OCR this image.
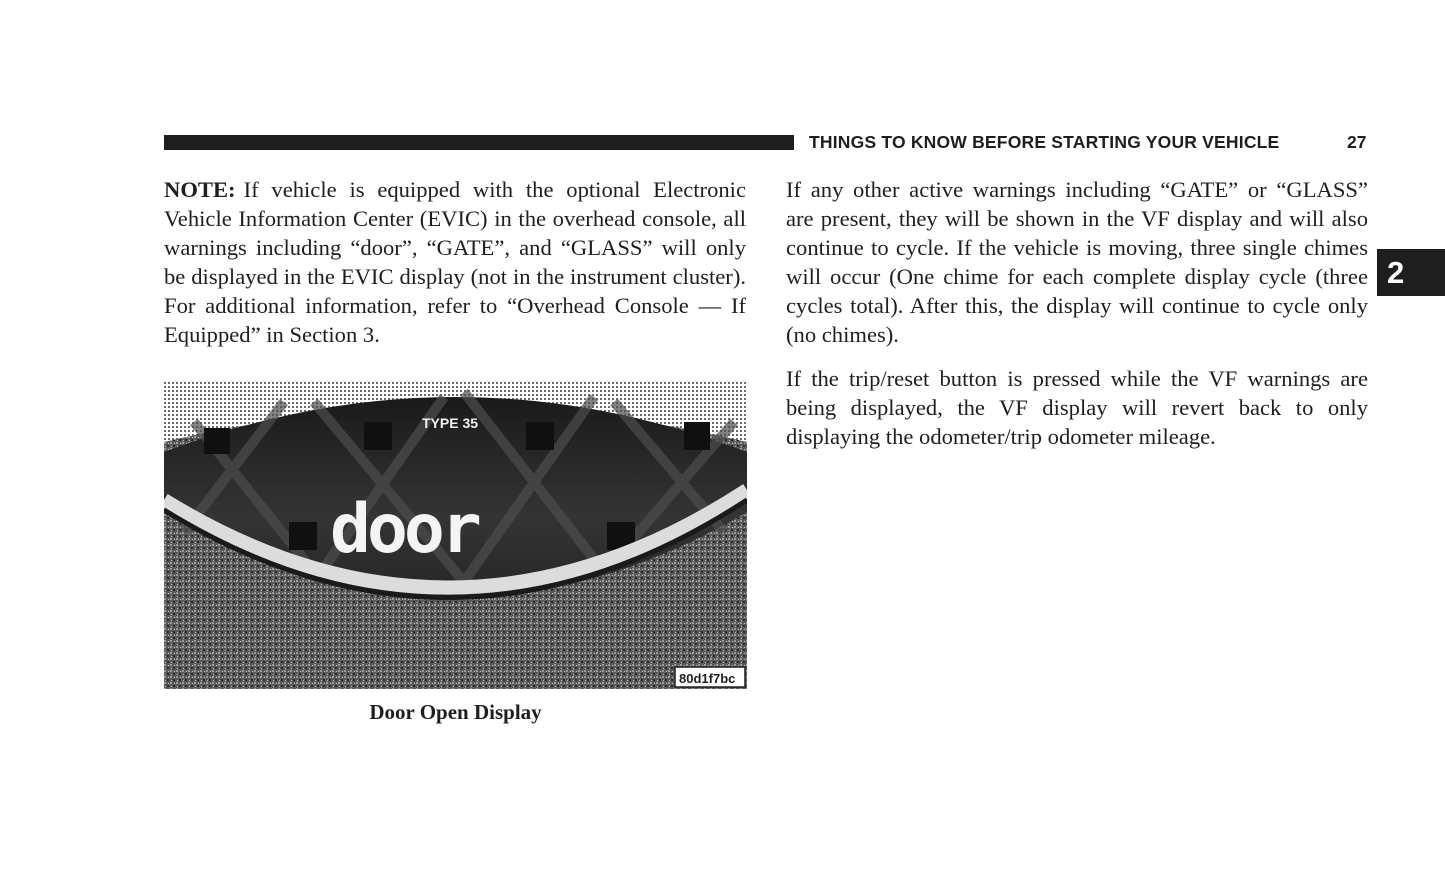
THINGS TO KNOW BEFORE STARTING YOUR VEHICLE	27
2

NOTE: If vehicle is equipped with the optional Electronic Vehicle Information Center (EVIC) in the overhead console, all warnings including “door”, “GATE”, and “GLASS” will only be displayed in the EVIC display (not in the instrument cluster). For additional information, refer to “Overhead Console — If Equipped” in Section 3.

TYPE 35
door
80d1f7bc
Door Open Display

If any other active warnings including “GATE” or “GLASS” are present, they will be shown in the VF display and will also continue to cycle. If the vehicle is moving, three single chimes will occur (One chime for each complete display cycle (three cycles total). After this, the display will continue to cycle only (no chimes).

If the trip/reset button is pressed while the VF warnings are being displayed, the VF display will revert back to only displaying the odometer/trip odometer mileage.
